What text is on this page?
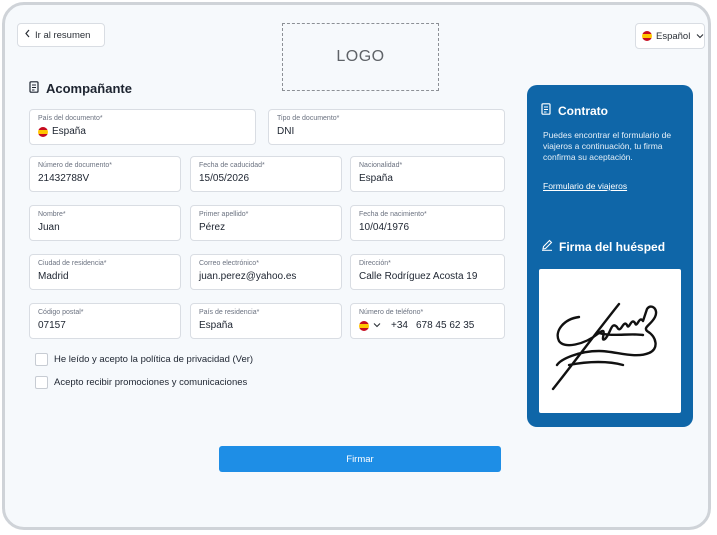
Ir al resumen
LOGO
Español
Acompañante
País del documento*
España
Tipo de documento*
DNI
Número de documento*
21432788V
Fecha de caducidad*
15/05/2026
Nacionalidad*
España
Nombre*
Juan
Primer apellido*
Pérez
Fecha de nacimiento*
10/04/1976
Ciudad de residencia*
Madrid
Correo electrónico*
juan.perez@yahoo.es
Dirección*
Calle Rodríguez Acosta 19
Código postal*
07157
País de residencia*
España
Número de teléfono*
+34 678 45 62 35
He leído y acepto la política de privacidad (Ver)
Acepto recibir promociones y comunicaciones
Contrato
Puedes encontrar el formulario de viajeros a continuación, tu firma confirma su aceptación.
Formulario de viajeros
Firma del huésped
Firmar
